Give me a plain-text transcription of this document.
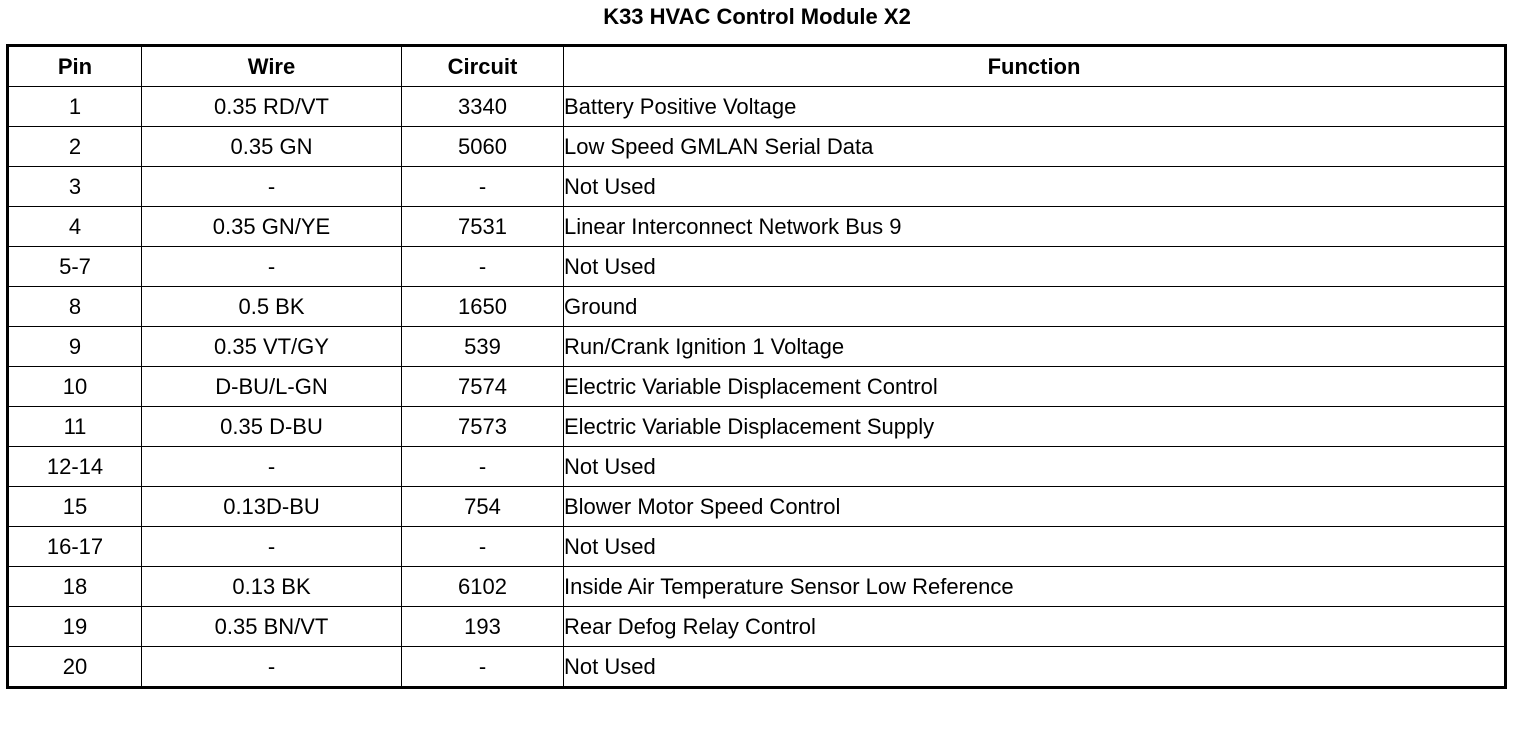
K33 HVAC Control Module X2
Pin	Wire	Circuit	Function
1	0.35 RD/VT	3340	Battery Positive Voltage
2	0.35 GN	5060	Low Speed GMLAN Serial Data
3	-	-	Not Used
4	0.35 GN/YE	7531	Linear Interconnect Network Bus 9
5-7	-	-	Not Used
8	0.5 BK	1650	Ground
9	0.35 VT/GY	539	Run/Crank Ignition 1 Voltage
10	D-BU/L-GN	7574	Electric Variable Displacement Control
11	0.35 D-BU	7573	Electric Variable Displacement Supply
12-14	-	-	Not Used
15	0.13D-BU	754	Blower Motor Speed Control
16-17	-	-	Not Used
18	0.13 BK	6102	Inside Air Temperature Sensor Low Reference
19	0.35 BN/VT	193	Rear Defog Relay Control
20	-	-	Not Used
